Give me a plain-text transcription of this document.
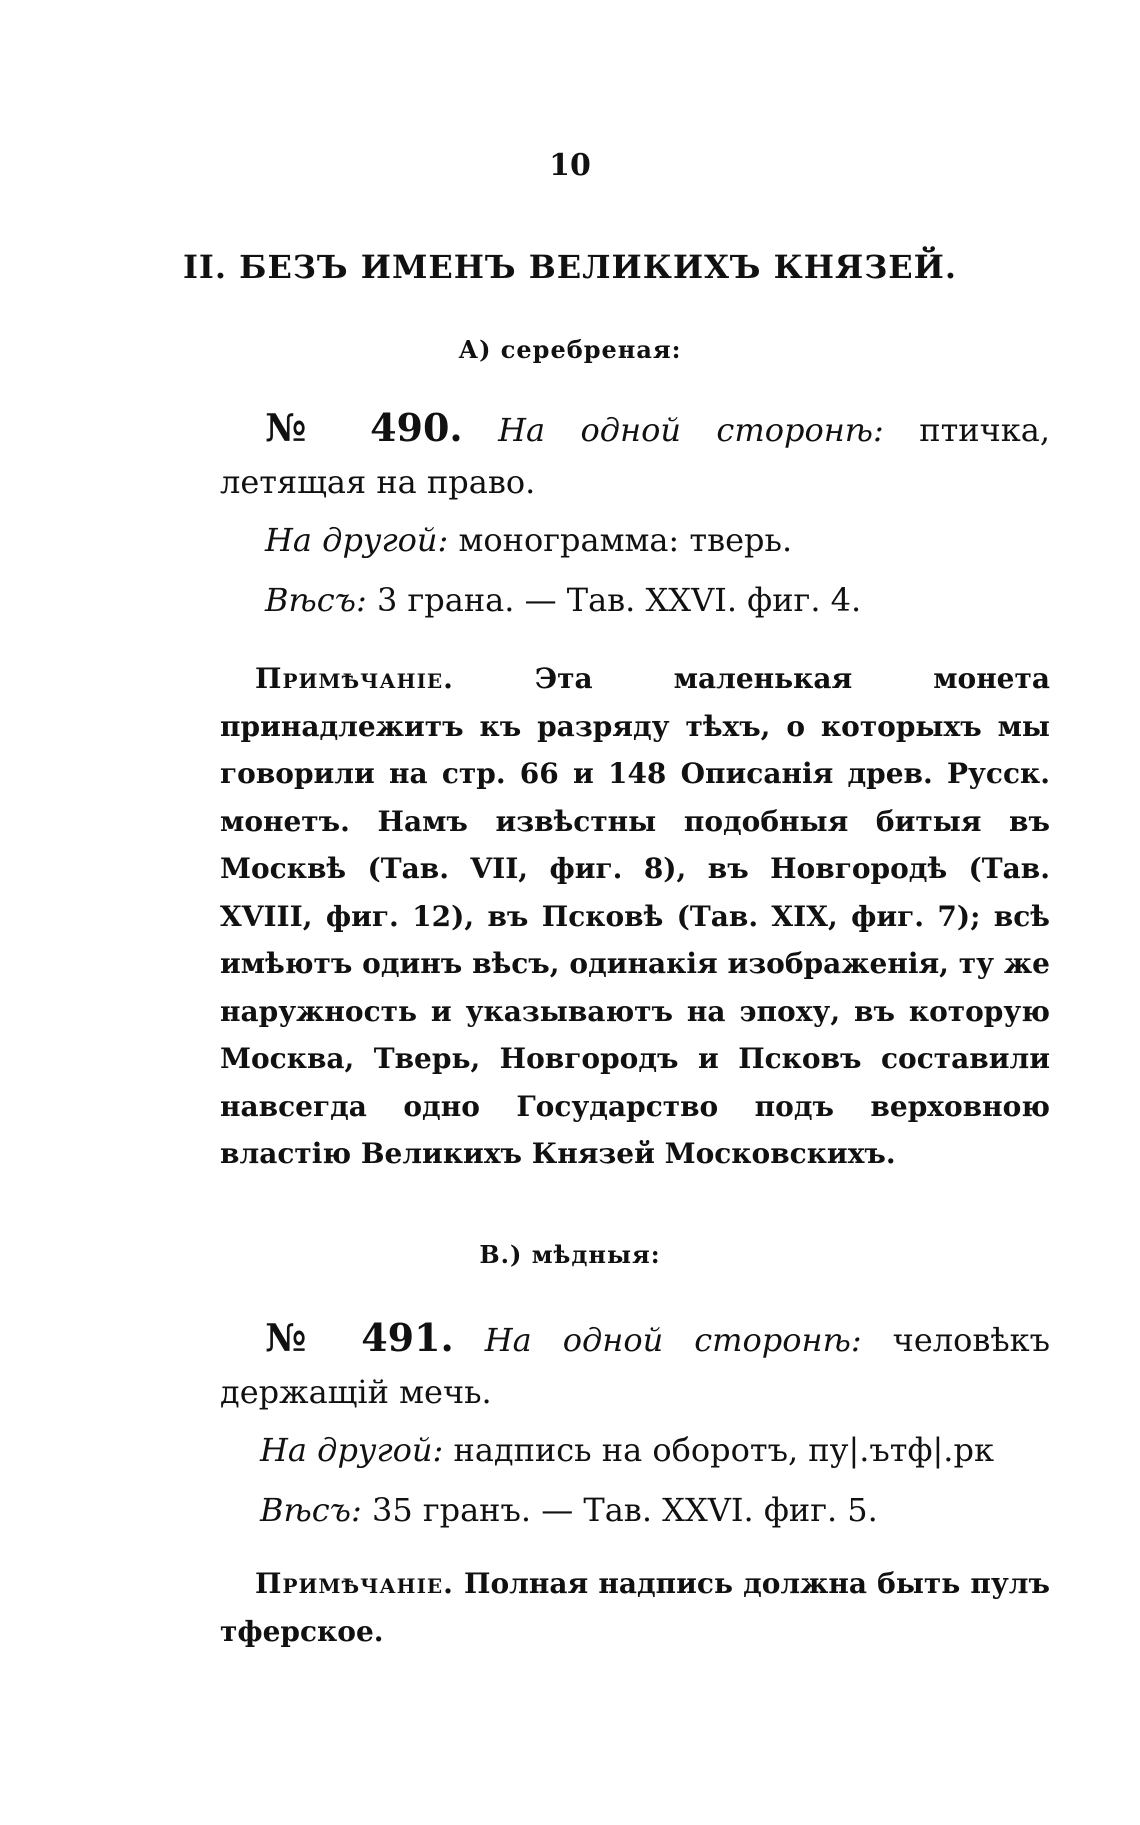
10
II. БЕЗЪ ИМЕНЪ ВЕЛИКИХЪ КНЯЗЕЙ.
А) серебреная:
№ 490. На одной сторонѣ: птичка, летящая на право.
На другой: монограмма: тверь.
Вѣсъ: 3 грана. — Тав. XXVI. фиг. 4.
Примѣчаніе.	Эта маленькая монета принадлежитъ къ разряду тѣхъ, о которыхъ мы говорили на стр. 66 и 148 Описанія древ. Русск. монетъ. Намъ извѣстны подобныя битыя въ Москвѣ (Тав. VII, фиг. 8), въ Новгородѣ (Тав. XVIII, фиг. 12), въ Псковѣ (Тав. XIX, фиг. 7); всѣ имѣютъ одинъ вѣсъ, одинакія изображенія, ту же наружность и указываютъ на эпоху, въ которую Москва, Тверь, Новгородъ и Псковъ составили навсегда одно Государство подъ верховною властію Великихъ Князей Московскихъ.
В.) мѣдныя:
№ 491. На одной сторонѣ: человѣкъ держащій мечь.
На другой: надпись на оборотъ, пу|.ътф|.рк
Вѣсъ: 35 гранъ. — Тав. XXVI. фиг. 5.
Примѣчаніе. Полная надпись должна быть пулъ тферское.
